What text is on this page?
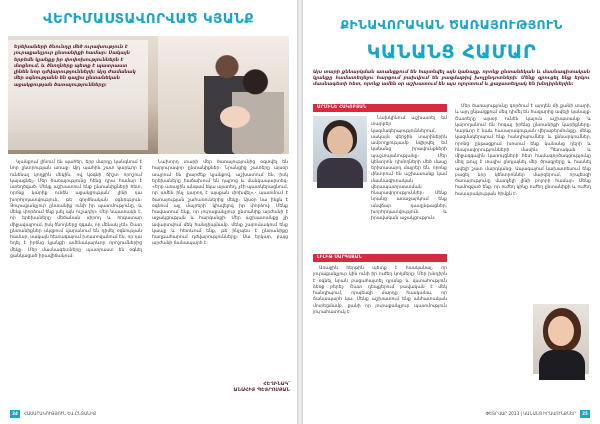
ՎԵՐԻՄԱՍՏԱՎՈՐՎԱԾ ԿՅԱՆՔ

Երեխաների ծնունդը մեծ ուրախություն է յուրաքանչյուր ընտանիքի համար։ Սակայն երբեմն կյանքը իր փոփոխություններն է մտցնում, և ծնողները պետք է պատրաստ լինեն նոր դժվարությունների։ Այդ ժամանակ մեր օգնությանն են գալիս ընտանեկան աջակցության ծառայությունները։

Կյանքում լինում են պահեր, երբ մարդը կանգնում է նոր ընտրության առաջ։ Այդ պահին շատ կարևոր է ունենալ կողքին մեկին, ով կօգնի ճիշտ որոշում կայացնել։ Մեր ծառայությունը հենց դրա համար է ստեղծված։ Մենք աշխատում ենք ընտանիքների հետ, որոնք կարիք ունեն աջակցության՝ լինի դա խորհրդատվություն, թե գործնական օգնություն։ Յուրաքանչյուր ընտանիք ունի իր պատմությունը, և մենք փորձում ենք լսել այն ուշադիր։ Մեր նպատակն է, որ երեխաները մեծանան սիրող և հոգատար միջավայրում, իսկ ծնողները զգան, որ մենակ չեն։ Շատ ընտանիքներ սկզբում վարանում են դիմել օգնության համար, սակայն հետագայում խոստովանում են, որ դա եղել է իրենց կյանքի ամենակարևոր որոշումներից մեկը։ Մեր մասնագետները պատրաստ են օգնել ցանկացած իրավիճակում։

Նախորդ տարի մեր ծառայությունից օգտվել են հարյուրավոր ընտանիքներ։ Նրանցից շատերը այսօր ապրում են լիարժեք կյանքով, աշխատում են, իսկ երեխաները հաճախում են դպրոց և մանկապարտեզ։ «Երբ առաջին անգամ եկա այստեղ, չէի պատկերացնում, որ ամեն ինչ կարող է այսքան փոխվել»,- պատմում է ծառայության շահառուներից մեկը։ Այսօր նա ինքն է օգնում այլ մայրերի՝ կիսվելով իր փորձով։ Մենք հավատում ենք, որ յուրաքանչյուր ընտանիք արժանի է աջակցության և հարգանքի։ Մեր աշխատանքը չի ավարտվում մեկ հանդիպմամբ. մենք շարունակում ենք կապը և հետևում ենք, թե ինչպես է ընտանիքը հաղթահարում դժվարությունները։ Սա երկար, բայց արժանի ճանապարհ է։

ՀԵՂԻՆԱԿ՝
ԱՆԱՀԻՏ ՊԵՏՐՈՍՅԱՆ
24	ՀԱՍԱՐԱԿՈՒԹՅՈՒՆ ԵՎ ԸՆՏԱՆԻՔ
ՔԻՆԱՎՈՐԱԿԱՆ ԾԱՌԱՅՈՒԹՅՈՒՆ
ԿԱՆԱՆՑ ՀԱՄԱՐ
Այս տարի քննարկման առանցքում են հայտնվել այն կանայք, որոնք ընտանեկան և մասնագիտական կյանքը համատեղելու հարցում բախվում են բազմաթիվ խոչընդոտների։ Մենք զրուցել ենք երկու մասնագետի հետ, որոնք ամեն օր աշխատում են այս ոլորտում և քաջատեղյակ են խնդիրներին։
ԱՐՄԻՆԵ ՀԱԿՈԲՅԱՆ

Նախկինում աշխատել եմ տարբեր կազմակերպություններում, սակայն վերջին տարիներին ամբողջությամբ նվիրվել եմ կանանց իրավունքների պաշտպանությանը։ Մեր կենտրոն դիմողների մեծ մասը երիտասարդ մայրեր են, որոնք փնտրում են աշխատանք կամ մասնագիտական վերապատրաստման հնարավորություններ։ Մենք նրանց առաջարկում ենք անվճար դասընթացներ, խորհրդատվություն և իրավական աջակցություն։

ԼԻԼԻԹ ՍԱՐԳՍՅԱՆ

Առաջին հերթին պետք է հասկանալ, որ յուրաքանչյուր կին ունի իր ուժեղ կողմերը։ Մեր խնդիրն է օգնել նրան բացահայտել դրանք և վստահություն ձեռք բերել։ Շատ դեպքերում բավական է մեկ հանդիպում, որպեսզի մարդը հասկանա, որ ճանապարհ կա։ Մենք աշխատում ենք անհատական մոտեցմամբ, քանի որ յուրաքանչյուր պատմություն յուրահատուկ է։

Մեր ծառայությունը գործում է արդեն մի քանի տարի, և այդ ընթացքում մեզ դիմել են հազարից ավելի կանայք։ Շատերը այսօր ունեն կայուն աշխատանք և կարողանում են հոգալ իրենց ընտանիքի կարիքները։ Կարևոր է նաև հասարակության վերաբերմունքը. մենք կազմակերպում ենք հանդիպումներ և քննարկումներ, որոնց ընթացքում խոսում ենք կանանց դերի և հնարավորությունների մասին։ Պետական և միջազգային կառույցների հետ համագործակցությունը մեզ թույլ է տալիս ընդլայնել մեր ծրագրերը և հասնել ավելի շատ մարդկանց։ Ապագայում նախատեսում ենք բացել նոր կենտրոններ մարզերում, որպեսզի ծառայությունը մատչելի լինի բոլորի համար։ Մենք համոզված ենք, որ ուժեղ կինը ուժեղ ընտանիքի և ուժեղ հասարակության հիմքն է։

ՓԵՏՐՎԱՐ 2013 | ԿԱՆԱՆՑ ԻՐԱՎՈՒՆՔՆԵՐ	25
